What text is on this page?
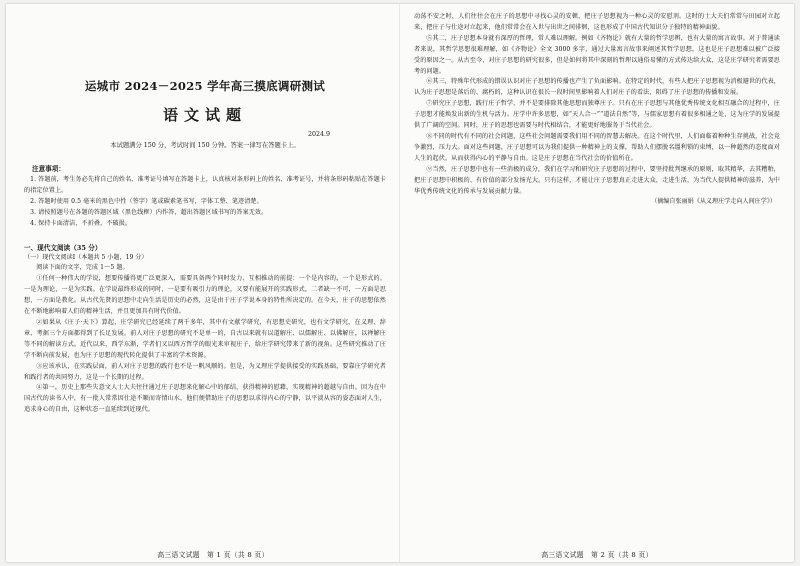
运城市 2024－2025 学年高三摸底调研测试
语文试题
2024.9
本试题满分 150 分，考试时间 150 分钟。答案一律写在答题卡上。
注意事项：

1. 答题前，考生务必先将自己的姓名、准考证号填写在答题卡上，认真核对条形码上的姓名、准考证号，并将条形码粘贴在答题卡的指定位置上。

2. 答题时使用 0.5 毫米的黑色中性（签字）笔或碳素笔书写，字体工整、笔迹清楚。

3. 请按照题号在各题的答题区域（黑色线框）内作答，超出答题区域书写的答案无效。

4. 保持卡面清洁，不折叠，不破损。

一、现代文阅读（35 分）
（一）现代文阅读Ⅰ（本题共 5 小题，19 分）

阅读下面的文字，完成 1～5 题。

①任何一种伟大的学说，想要传播得更广泛更深入，需要具备两个同时发力、互相推动的前提：一个是内容的，一个是形式的。一是为理论，一是为实践。在学说最终形成的同时，一是要有吸引力的理论，又要有能展开的实践形式，二者缺一不可，一方面是思想，一方面是教化。从古代先贤的思想中走向生活是历史的必然，这是由于庄子学说本身的特性所决定的。在今天，庄子的思想依然在不断地影响着人们的精神生活，并且更加具有时代价值。

②如果从《庄子·天下》算起，庄学研究已经延续了两千多年，其中有文献学研究，有思想史研究，也有文学研究，在义理、辞章、考据三个方面都得到了长足发展。前人对庄子思想的研究不是单一的，自古以来就有以道解庄、以儒解庄、以佛解庄，以禅解庄等不同的解读方式。近代以来，西学东渐，学者们又以西方哲学的眼光来审视庄子，给庄学研究带来了新的视角。这些研究推动了庄学不断向前发展，也为庄子思想的现代转化提供了丰富的学术资源。

③应该承认，在实践层面，前人对庄子思想的践行也不是一帆风顺的。但是，为义理庄学提供接受的实践基础，要靠庄学研究者和践行者的共同努力，这是一个长期的过程。

④第一，历史上那些失意文人士大夫往往通过庄子思想来化解心中的郁结，获得精神的慰藉，实现精神的超越与自由。因为在中国古代的读书人中，有一批人常常因仕途不顺而寄情山水，他们便借助庄子的思想以求得内心的宁静，以平淡从容的姿态面对人生，追求身心的自由，这种状态一直延续到近现代。

高三语文试题　第 1 页（共 8 页）

动荡不安之时，人们往往会在庄子的思想中寻找心灵的安顿，把庄子思想视为一种心灵的安慰剂。这时的士大夫们常常与田园对立起来，把庄子与仕途对立起来，他们常常会在入世与出世之间徘徊，这也形成了中国古代知识分子独特的精神面貌。

⑤其二，庄子思想本身就有深厚的哲理，常人难以理解。例如《齐物论》就有大量的哲学思辨，也有大量的寓言故事。对于普通读者来说，其哲学思想很难理解，如《齐物论》全文 3000 多字，通过大量寓言故事来阐述其哲学思想，这也是庄子思想难以被广泛接受的原因之一。从古至今，对庄子思想的研究很多，但是如何将其中深刻的哲理以通俗易懂的方式传达给大众，这是庄学研究者需要思考的问题。

⑥其三，特殊年代形成的错误认识对庄子思想的传播也产生了负面影响。在特定的时代，有些人把庄子思想视为消极避世的代表，认为庄子思想是落后的、腐朽的，这种认识在很长一段时间里影响着人们对庄子的看法，阻碍了庄子思想的传播和发展。

⑦研究庄子思想，践行庄子哲学，并不是要排除其他思想而独尊庄子。只有在庄子思想与其他优秀传统文化相互融合的过程中，庄子思想才能焕发出新的生机与活力。庄学中许多思想，如“天人合一”“道法自然”等，与儒家思想有着很多相通之处，这为庄学的发展提供了广阔的空间。同时，庄子的思想也需要与时代相结合，才能更好地服务于当代社会。

⑧不同的时代有不同的社会问题，这些社会问题需要我们用不同的智慧去解决。在这个时代里，人们面临着种种生存挑战，社会竞争激烈，压力大。面对这些问题，庄子思想可以为我们提供一种精神上的支撑，帮助人们摆脱名缰利锁的束缚，以一种超然的态度面对人生的起伏，从而获得内心的平静与自由。这是庄子思想在当代社会的价值所在。

⑨当然，庄子思想中也有一些消极的成分，我们在学习和研究庄子思想的过程中，要坚持批判继承的原则，取其精华，去其糟粕，把庄子思想中积极的、有价值的部分发扬光大。只有这样，才能让庄子思想真正走进大众，走进生活，为当代人提供精神的滋养，为中华优秀传统文化的传承与发展贡献力量。

（摘编自张丽娟《从义理庄学走向人间庄学》）

高三语文试题　第 2 页（共 8 页）
